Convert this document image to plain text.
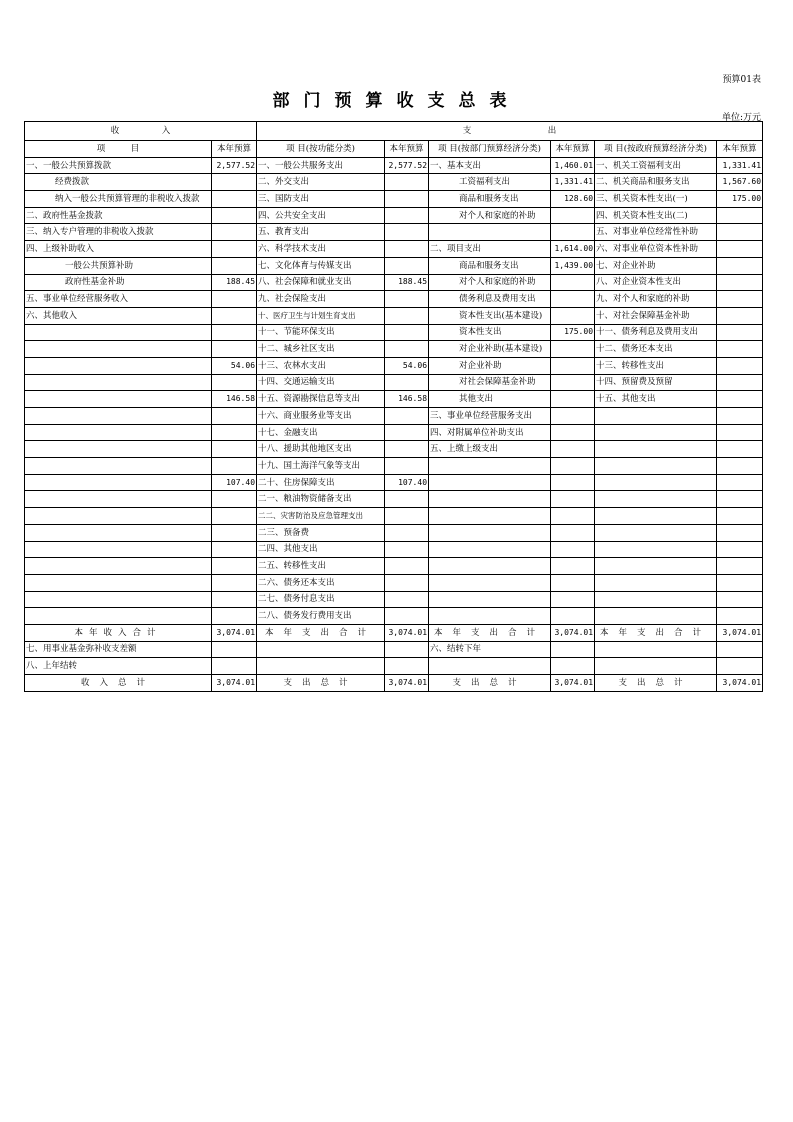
预算01表
部门预算收支总表
单位:万元
收　　　　　入		支　　　　　　　　　出					
项　　　目	本年预算	项 目(按功能分类)	本年预算	项 目(按部门预算经济分类)	本年预算	项 目(按政府预算经济分类)	本年预算
一、一般公共预算拨款	2,577.52	一、一般公共服务支出	2,577.52	一、基本支出	1,460.01	一、机关工资福利支出	1,331.41
经费拨款		二、外交支出		工资福利支出	1,331.41	二、机关商品和服务支出	1,567.60
纳入一般公共预算管理的非税收入拨款		三、国防支出		商品和服务支出	128.60	三、机关资本性支出(一)	175.00
二、政府性基金拨款		四、公共安全支出		对个人和家庭的补助		四、机关资本性支出(二)	
三、纳入专户管理的非税收入拨款		五、教育支出				五、对事业单位经常性补助	
四、上级补助收入		六、科学技术支出		二、项目支出	1,614.00	六、对事业单位资本性补助	
一般公共预算补助		七、文化体育与传媒支出		商品和服务支出	1,439.00	七、对企业补助	
政府性基金补助	188.45	八、社会保障和就业支出	188.45	对个人和家庭的补助		八、对企业资本性支出	
五、事业单位经营服务收入		九、社会保险支出		债务利息及费用支出		九、对个人和家庭的补助	
六、其他收入		十、医疗卫生与计划生育支出		资本性支出(基本建设)		十、对社会保障基金补助	
		十一、节能环保支出		资本性支出	175.00	十一、债务利息及费用支出	
		十二、城乡社区支出		对企业补助(基本建设)		十二、债务还本支出	
	54.06	十三、农林水支出	54.06	对企业补助		十三、转移性支出	
		十四、交通运输支出		对社会保障基金补助		十四、预留费及预留	
	146.58	十五、资源勘探信息等支出	146.58	其他支出		十五、其他支出	
		十六、商业服务业等支出		三、事业单位经营服务支出			
		十七、金融支出		四、对附属单位补助支出			
		十八、援助其他地区支出		五、上缴上级支出			
		十九、国土海洋气象等支出					
	107.40	二十、住房保障支出	107.40				
		二一、粮油物资储备支出					
		二二、灾害防治及应急管理支出					
		二三、预备费					
		二四、其他支出					
		二五、转移性支出					
		二六、债务还本支出					
		二七、债务付息支出					
		二八、债务发行费用支出					
本年收入合计	3,074.01	本年支出合计	3,074.01	本年支出合计	3,074.01	本年支出合计	3,074.01
七、用事业基金弥补收支差额				六、结转下年			
八、上年结转							
收入总计	3,074.01	支出总计	3,074.01	支出总计	3,074.01	支出总计	3,074.01
